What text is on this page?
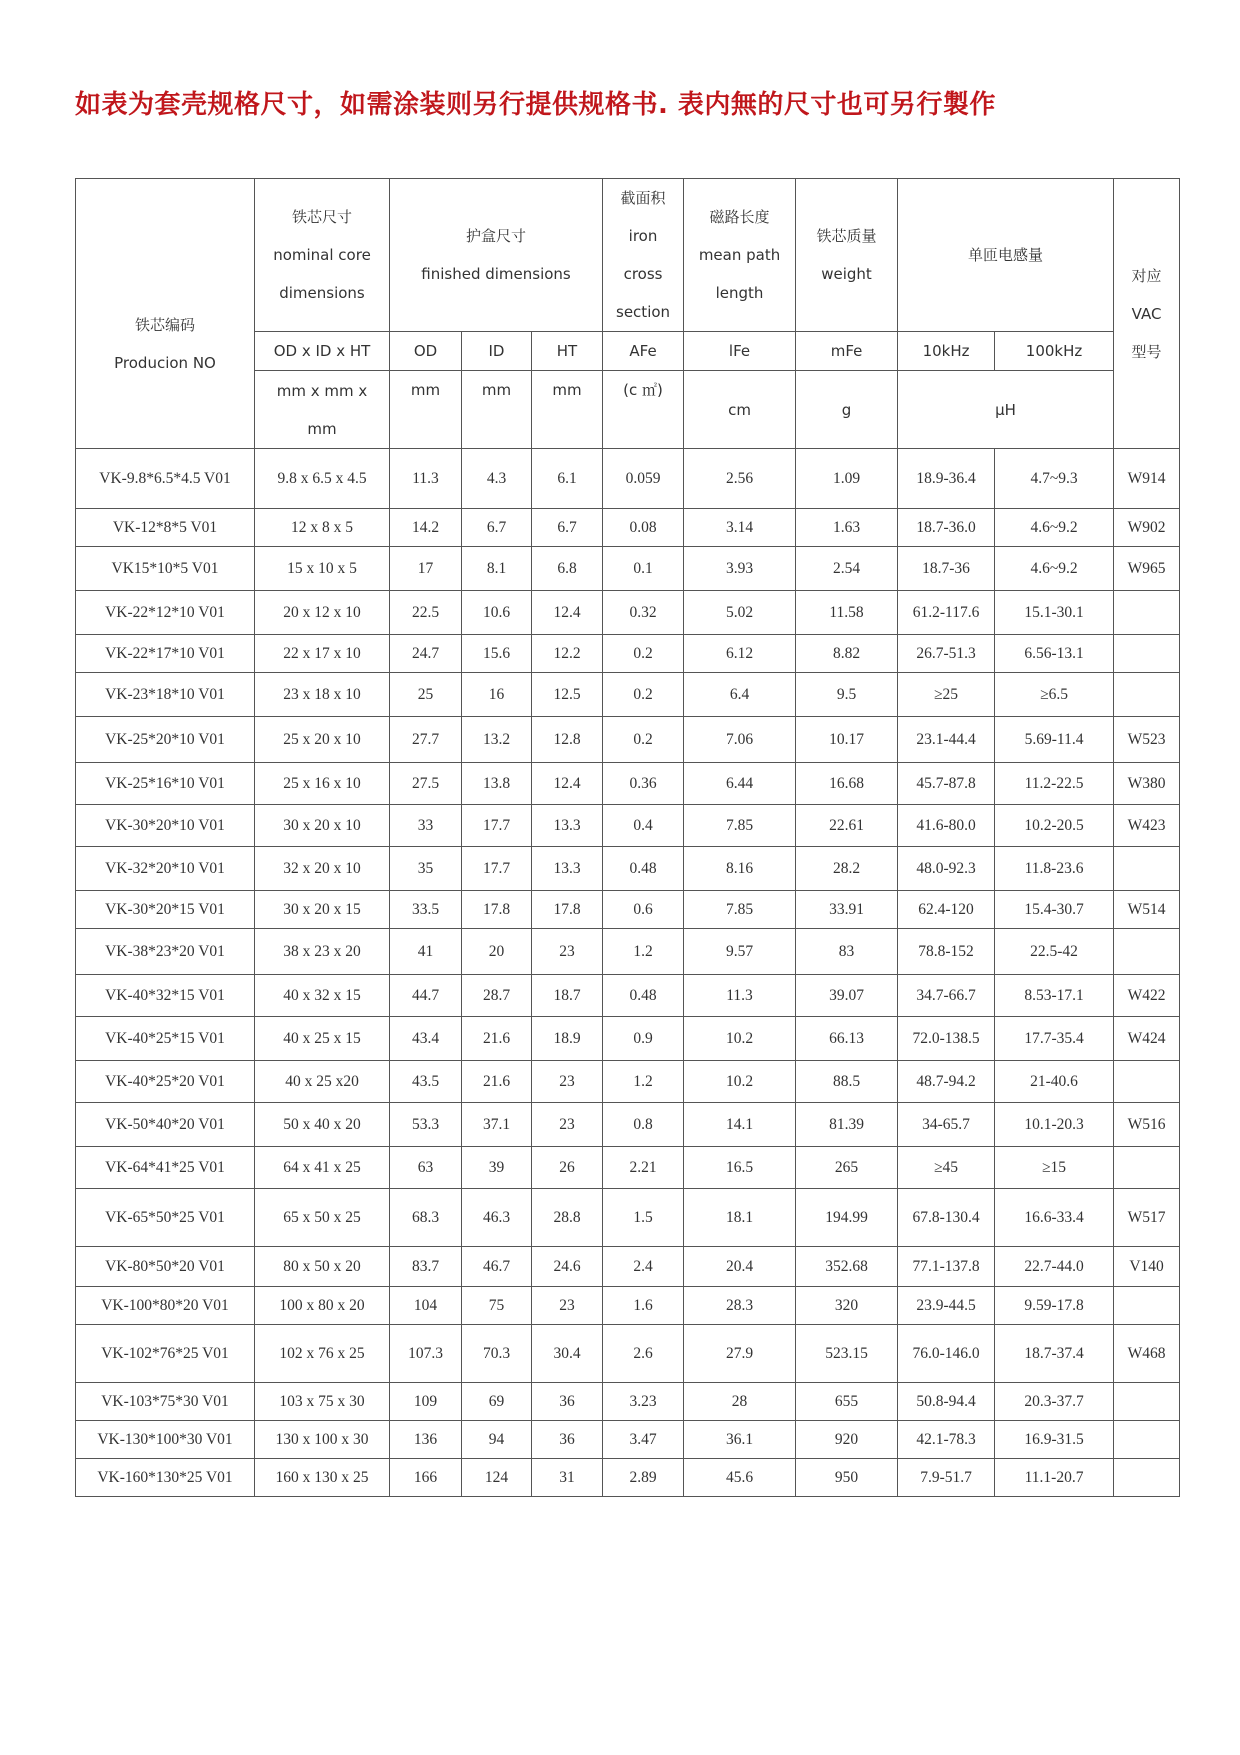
如表为套壳规格尺寸，如需涂装则另行提供规格书. 表内無的尺寸也可另行製作
铁芯编码
Producion NO	铁芯尺寸
nominal core
dimensions	护盒尺寸
finished dimensions			截面积
iron
cross
section	磁路长度
mean path
length	铁芯质量
weight	单匝电感量		对应
VAC
型号

	OD x ID x HT	OD	ID	HT	AFe	lFe	mFe	10kHz	100kHz	

	mm x mm x
mm	mm	mm	mm	(c ㎡)	cm	g	μH		
VK-9.8*6.5*4.5 V01	9.8 x 6.5 x 4.5	11.3	4.3	6.1	0.059	2.56	1.09	18.9-36.4	4.7~9.3	W914
VK-12*8*5 V01	12 x 8 x 5	14.2	6.7	6.7	0.08	3.14	1.63	18.7-36.0	4.6~9.2	W902
VK15*10*5 V01	15 x 10 x 5	17	8.1	6.8	0.1	3.93	2.54	18.7-36	4.6~9.2	W965
VK-22*12*10 V01	20 x 12 x 10	22.5	10.6	12.4	0.32	5.02	11.58	61.2-117.6	15.1-30.1	
VK-22*17*10 V01	22 x 17 x 10	24.7	15.6	12.2	0.2	6.12	8.82	26.7-51.3	6.56-13.1	
VK-23*18*10 V01	23 x 18 x 10	25	16	12.5	0.2	6.4	9.5	≥25	≥6.5	
VK-25*20*10 V01	25 x 20 x 10	27.7	13.2	12.8	0.2	7.06	10.17	23.1-44.4	5.69-11.4	W523
VK-25*16*10 V01	25 x 16 x 10	27.5	13.8	12.4	0.36	6.44	16.68	45.7-87.8	11.2-22.5	W380
VK-30*20*10 V01	30 x 20 x 10	33	17.7	13.3	0.4	7.85	22.61	41.6-80.0	10.2-20.5	W423
VK-32*20*10 V01	32 x 20 x 10	35	17.7	13.3	0.48	8.16	28.2	48.0-92.3	11.8-23.6	
VK-30*20*15 V01	30 x 20 x 15	33.5	17.8	17.8	0.6	7.85	33.91	62.4-120	15.4-30.7	W514
VK-38*23*20 V01	38 x 23 x 20	41	20	23	1.2	9.57	83	78.8-152	22.5-42	
VK-40*32*15 V01	40 x 32 x 15	44.7	28.7	18.7	0.48	11.3	39.07	34.7-66.7	8.53-17.1	W422
VK-40*25*15 V01	40 x 25 x 15	43.4	21.6	18.9	0.9	10.2	66.13	72.0-138.5	17.7-35.4	W424
VK-40*25*20 V01	40 x 25 x20	43.5	21.6	23	1.2	10.2	88.5	48.7-94.2	21-40.6	
VK-50*40*20 V01	50 x 40 x 20	53.3	37.1	23	0.8	14.1	81.39	34-65.7	10.1-20.3	W516
VK-64*41*25 V01	64 x 41 x 25	63	39	26	2.21	16.5	265	≥45	≥15	
VK-65*50*25 V01	65 x 50 x 25	68.3	46.3	28.8	1.5	18.1	194.99	67.8-130.4	16.6-33.4	W517
VK-80*50*20 V01	80 x 50 x 20	83.7	46.7	24.6	2.4	20.4	352.68	77.1-137.8	22.7-44.0	V140
VK-100*80*20 V01	100 x 80 x 20	104	75	23	1.6	28.3	320	23.9-44.5	9.59-17.8	
VK-102*76*25 V01	102 x 76 x 25	107.3	70.3	30.4	2.6	27.9	523.15	76.0-146.0	18.7-37.4	W468
VK-103*75*30 V01	103 x 75 x 30	109	69	36	3.23	28	655	50.8-94.4	20.3-37.7	
VK-130*100*30 V01	130 x 100 x 30	136	94	36	3.47	36.1	920	42.1-78.3	16.9-31.5	
VK-160*130*25 V01	160 x 130 x 25	166	124	31	2.89	45.6	950	7.9-51.7	11.1-20.7	
